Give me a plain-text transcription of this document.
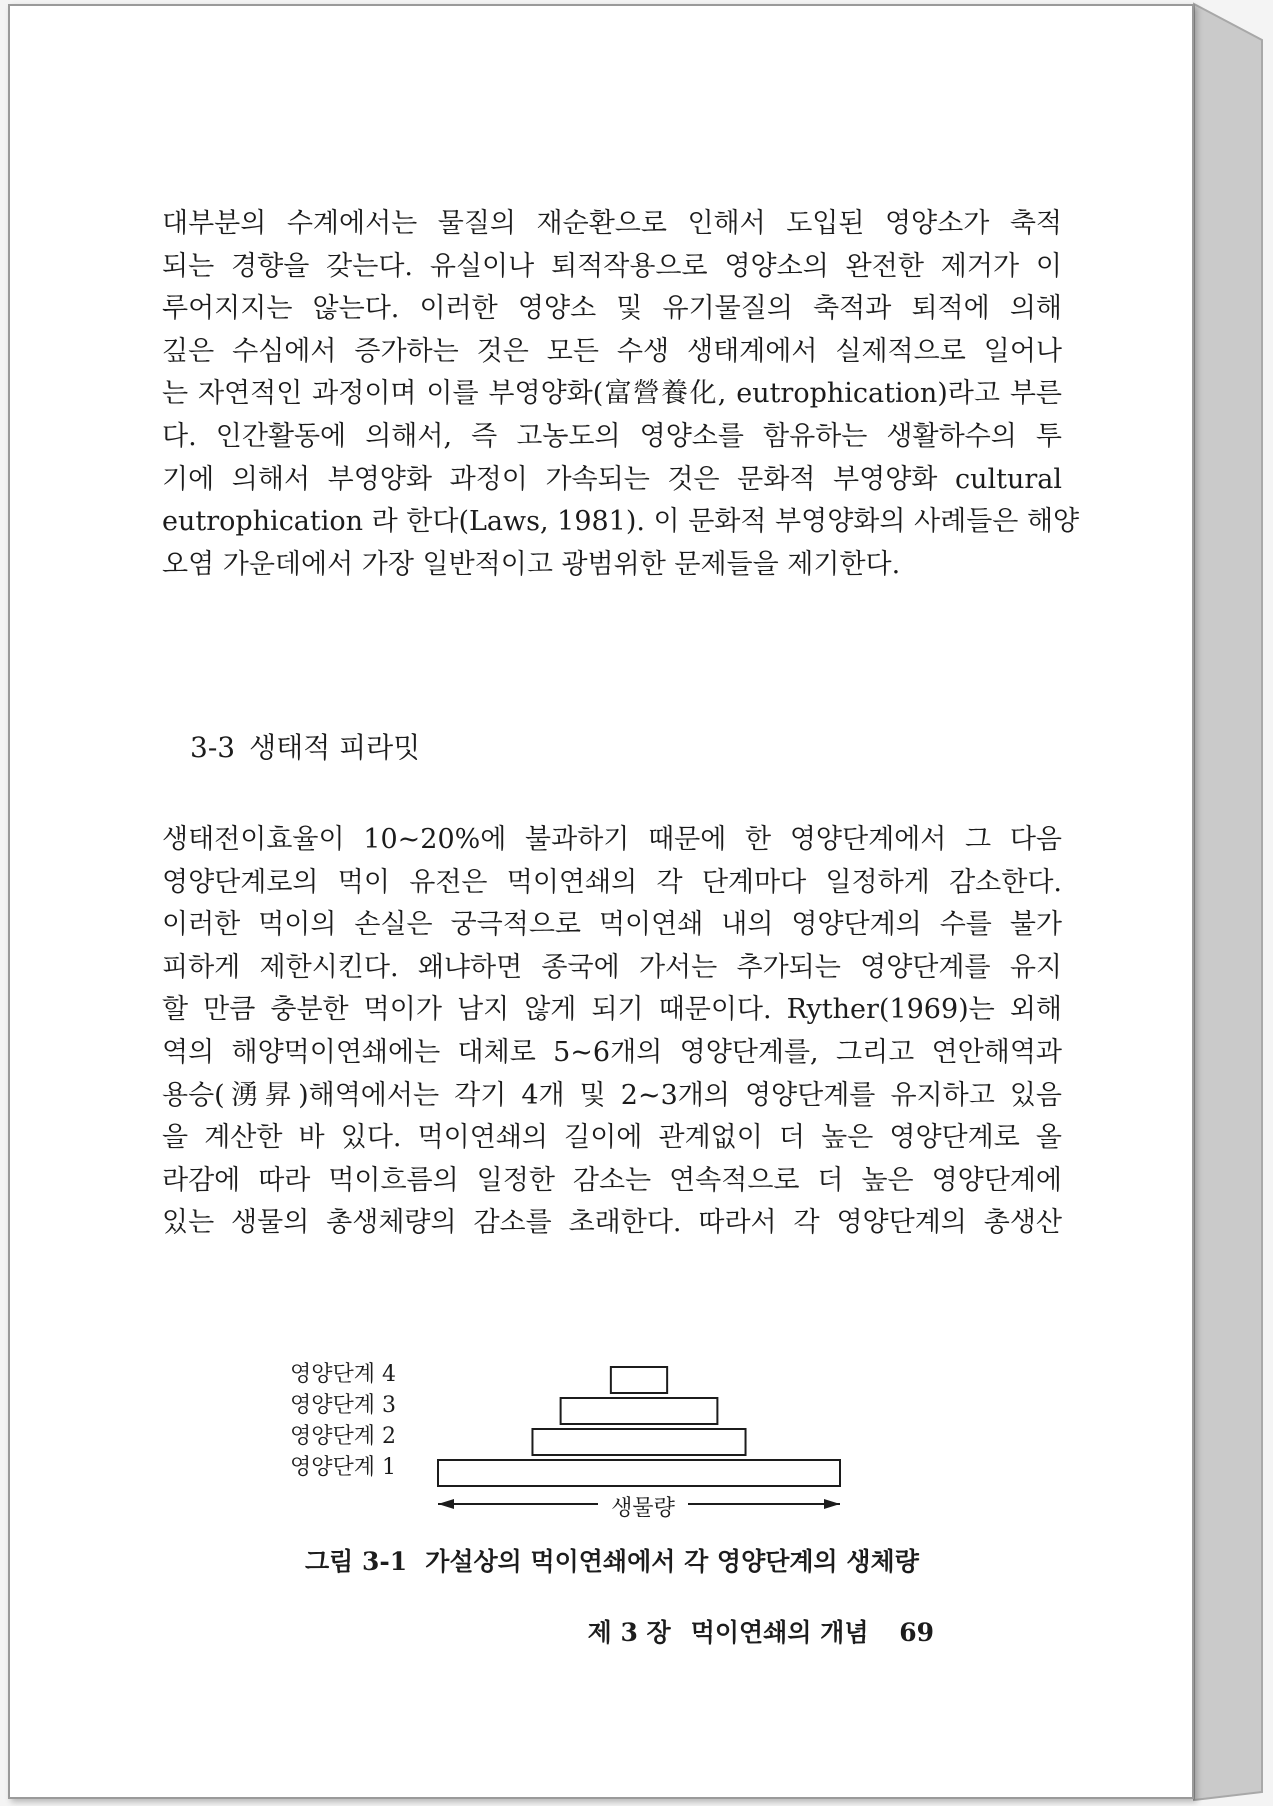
대부분의 수계에서는 물질의 재순환으로 인해서 도입된 영양소가 축적
되는 경향을 갖는다. 유실이나 퇴적작용으로 영양소의 완전한 제거가 이
루어지지는 않는다. 이러한 영양소 및 유기물질의 축적과 퇴적에 의해
깊은 수심에서 증가하는 것은 모든 수생 생태계에서 실제적으로 일어나
는 자연적인 과정이며 이를 부영양화(富營養化, eutrophication)라고 부른
다. 인간활동에 의해서, 즉 고농도의 영양소를 함유하는 생활하수의 투
기에 의해서 부영양화 과정이 가속되는 것은 문화적 부영양화 cultural
eutrophication 라 한다(Laws, 1981). 이 문화적 부영양화의 사례들은 해양
오염 가운데에서 가장 일반적이고 광범위한 문제들을 제기한다.
3-3 생태적 피라밋
생태전이효율이 10~20%에 불과하기 때문에 한 영양단계에서 그 다음
영양단계로의 먹이 유전은 먹이연쇄의 각 단계마다 일정하게 감소한다.
이러한 먹이의 손실은 궁극적으로 먹이연쇄 내의 영양단계의 수를 불가
피하게 제한시킨다. 왜냐하면 종국에 가서는 추가되는 영양단계를 유지
할 만큼 충분한 먹이가 남지 않게 되기 때문이다. Ryther(1969)는 외해
역의 해양먹이연쇄에는 대체로 5~6개의 영양단계를, 그리고 연안해역과
용승(湧昇)해역에서는 각기 4개 및 2~3개의 영양단계를 유지하고 있음
을 계산한 바 있다. 먹이연쇄의 길이에 관계없이 더 높은 영양단계로 올
라감에 따라 먹이흐름의 일정한 감소는 연속적으로 더 높은 영양단계에
있는 생물의 총생체량의 감소를 초래한다. 따라서 각 영양단계의 총생산
영양단계 4
영양단계 3
영양단계 2
영양단계 1
생물량

그림 3-1 가설상의 먹이연쇄에서 각 영양단계의 생체량

제 3 장 먹이연쇄의 개념 69
